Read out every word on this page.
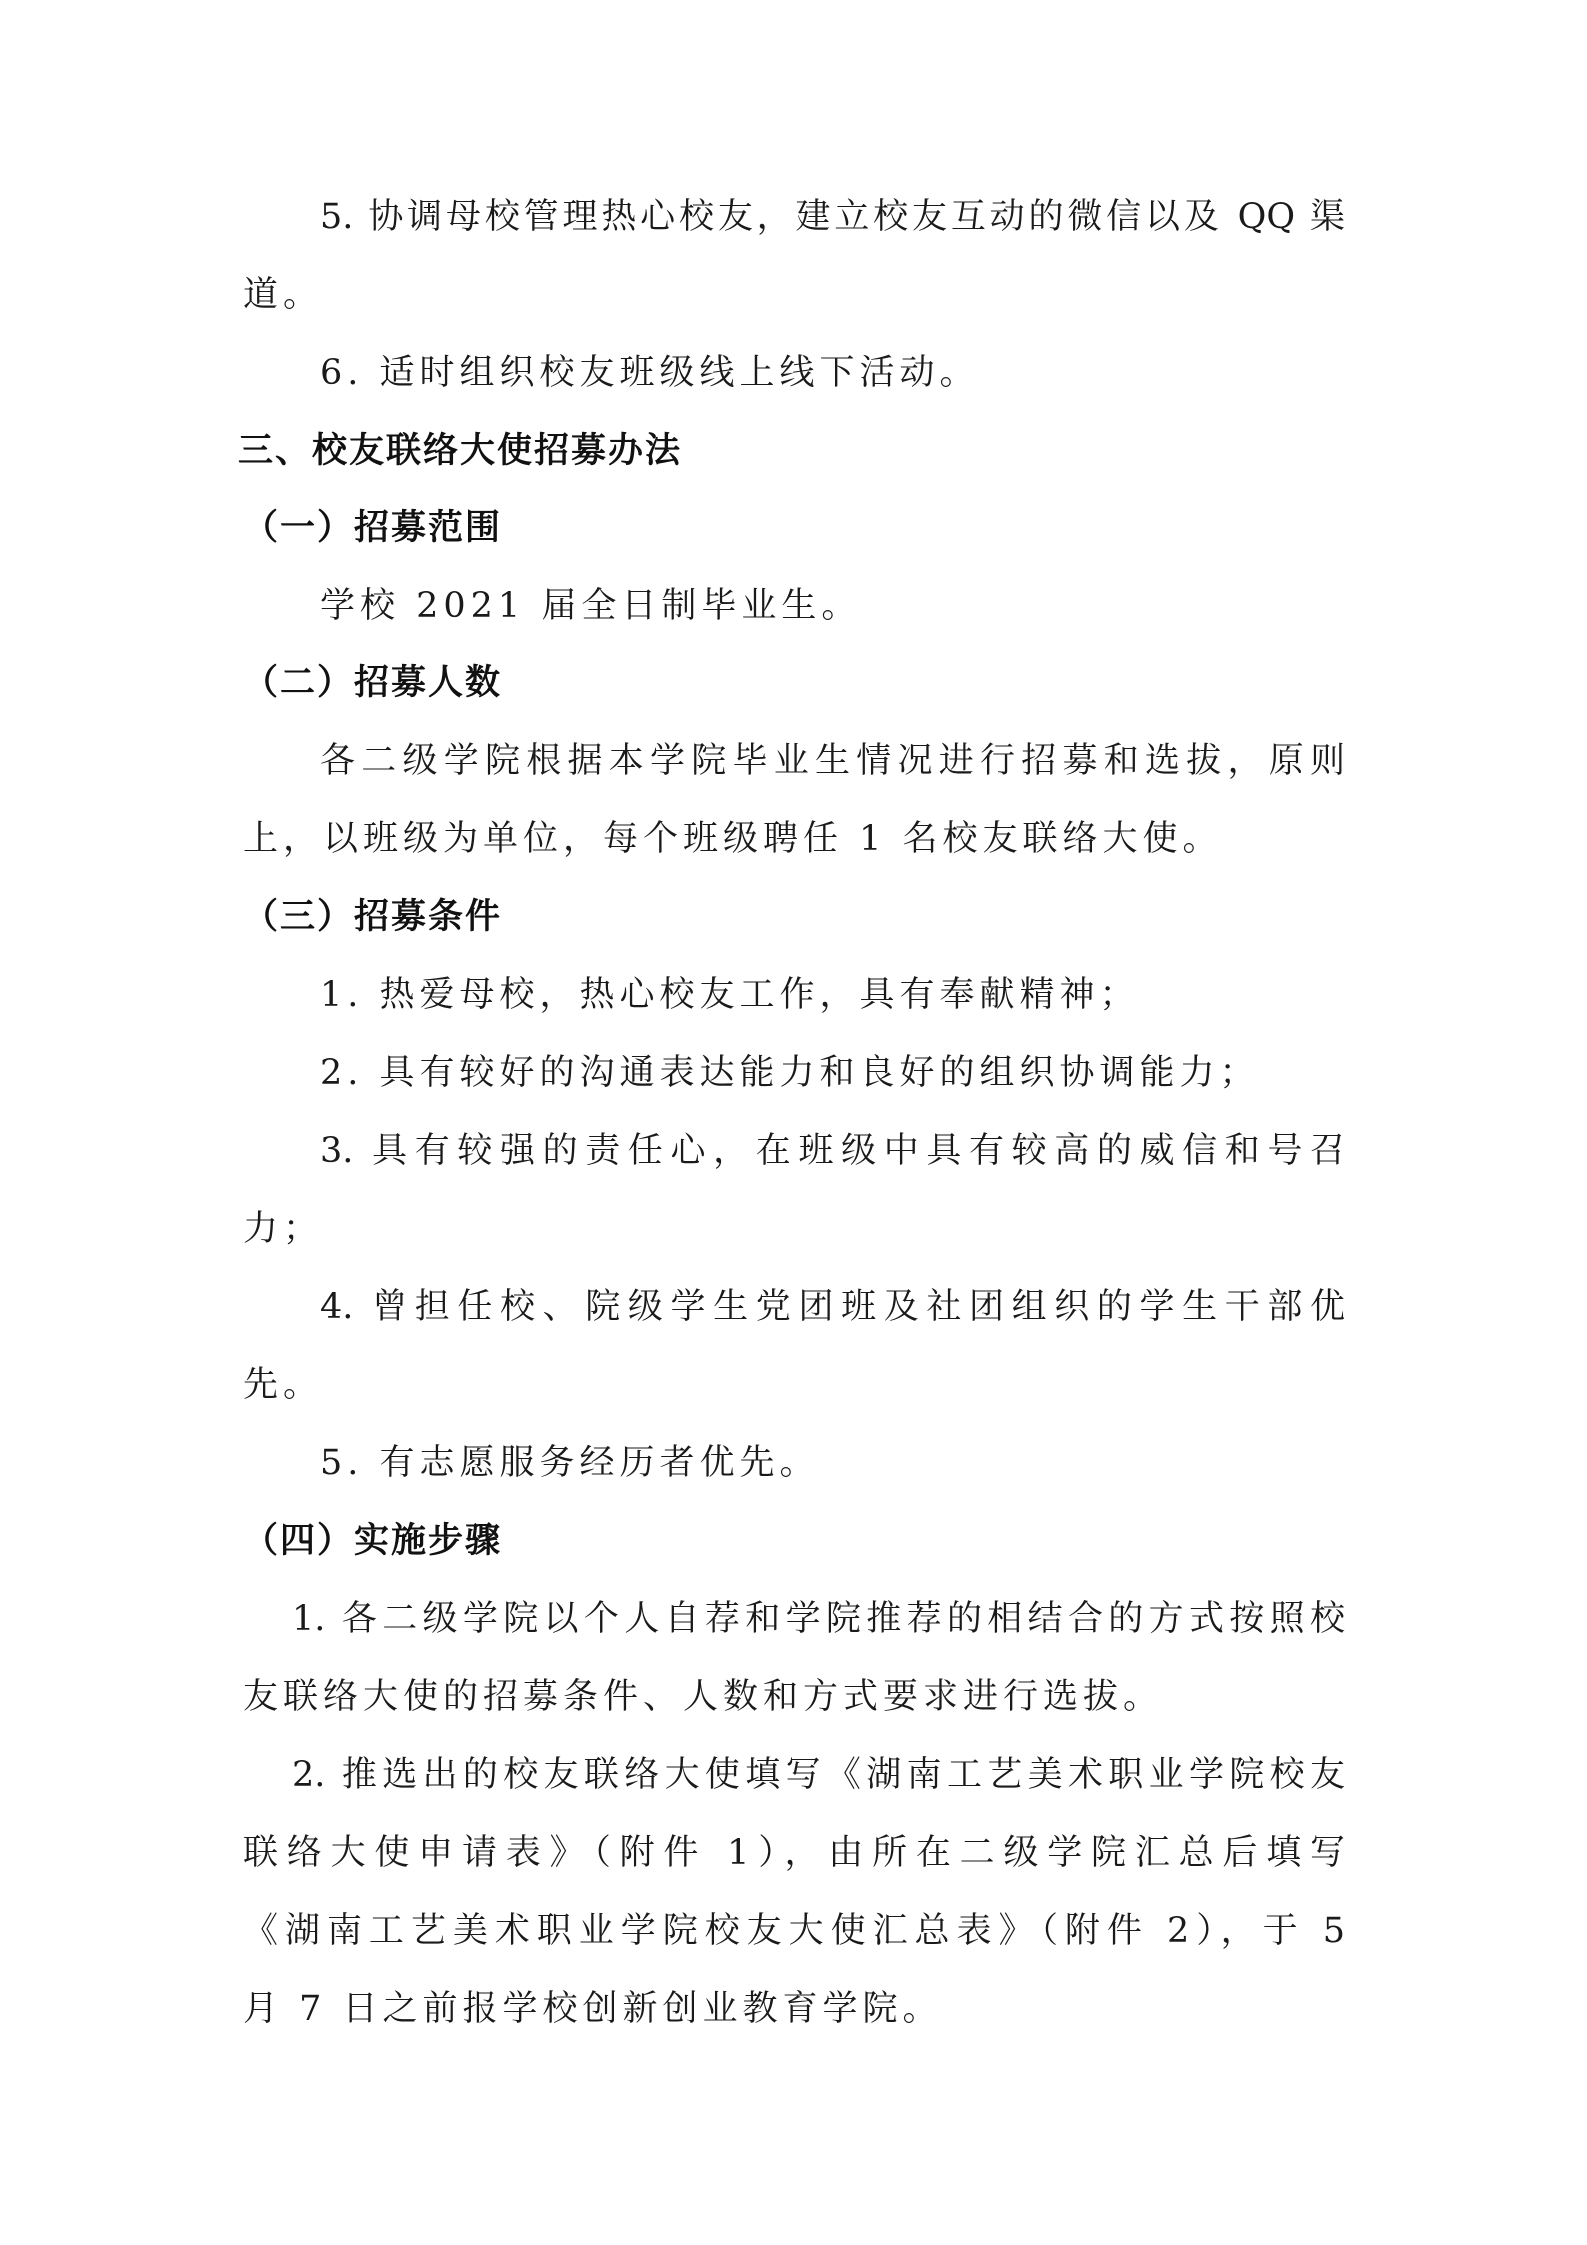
5. 协调母校管理热心校友，建立校友互动的微信以及 QQ 渠
道。
6. 适时组织校友班级线上线下活动。
三、校友联络大使招募办法
（一）招募范围
学校 2021 届全日制毕业生。
（二）招募人数
各二级学院根据本学院毕业生情况进行招募和选拔，原则
上，以班级为单位，每个班级聘任 1 名校友联络大使。
（三）招募条件
1. 热爱母校，热心校友工作，具有奉献精神；
2. 具有较好的沟通表达能力和良好的组织协调能力；
3. 具有较强的责任心，在班级中具有较高的威信和号召
力；
4. 曾担任校、院级学生党团班及社团组织的学生干部优
先。
5. 有志愿服务经历者优先。
（四）实施步骤
1. 各二级学院以个人自荐和学院推荐的相结合的方式按照校
友联络大使的招募条件、人数和方式要求进行选拔。
2. 推选出的校友联络大使填写《湖南工艺美术职业学院校友
联络大使申请表》（附件 1），由所在二级学院汇总后填写
《湖南工艺美术职业学院校友大使汇总表》（附件 2），于 5
月 7 日之前报学校创新创业教育学院。
